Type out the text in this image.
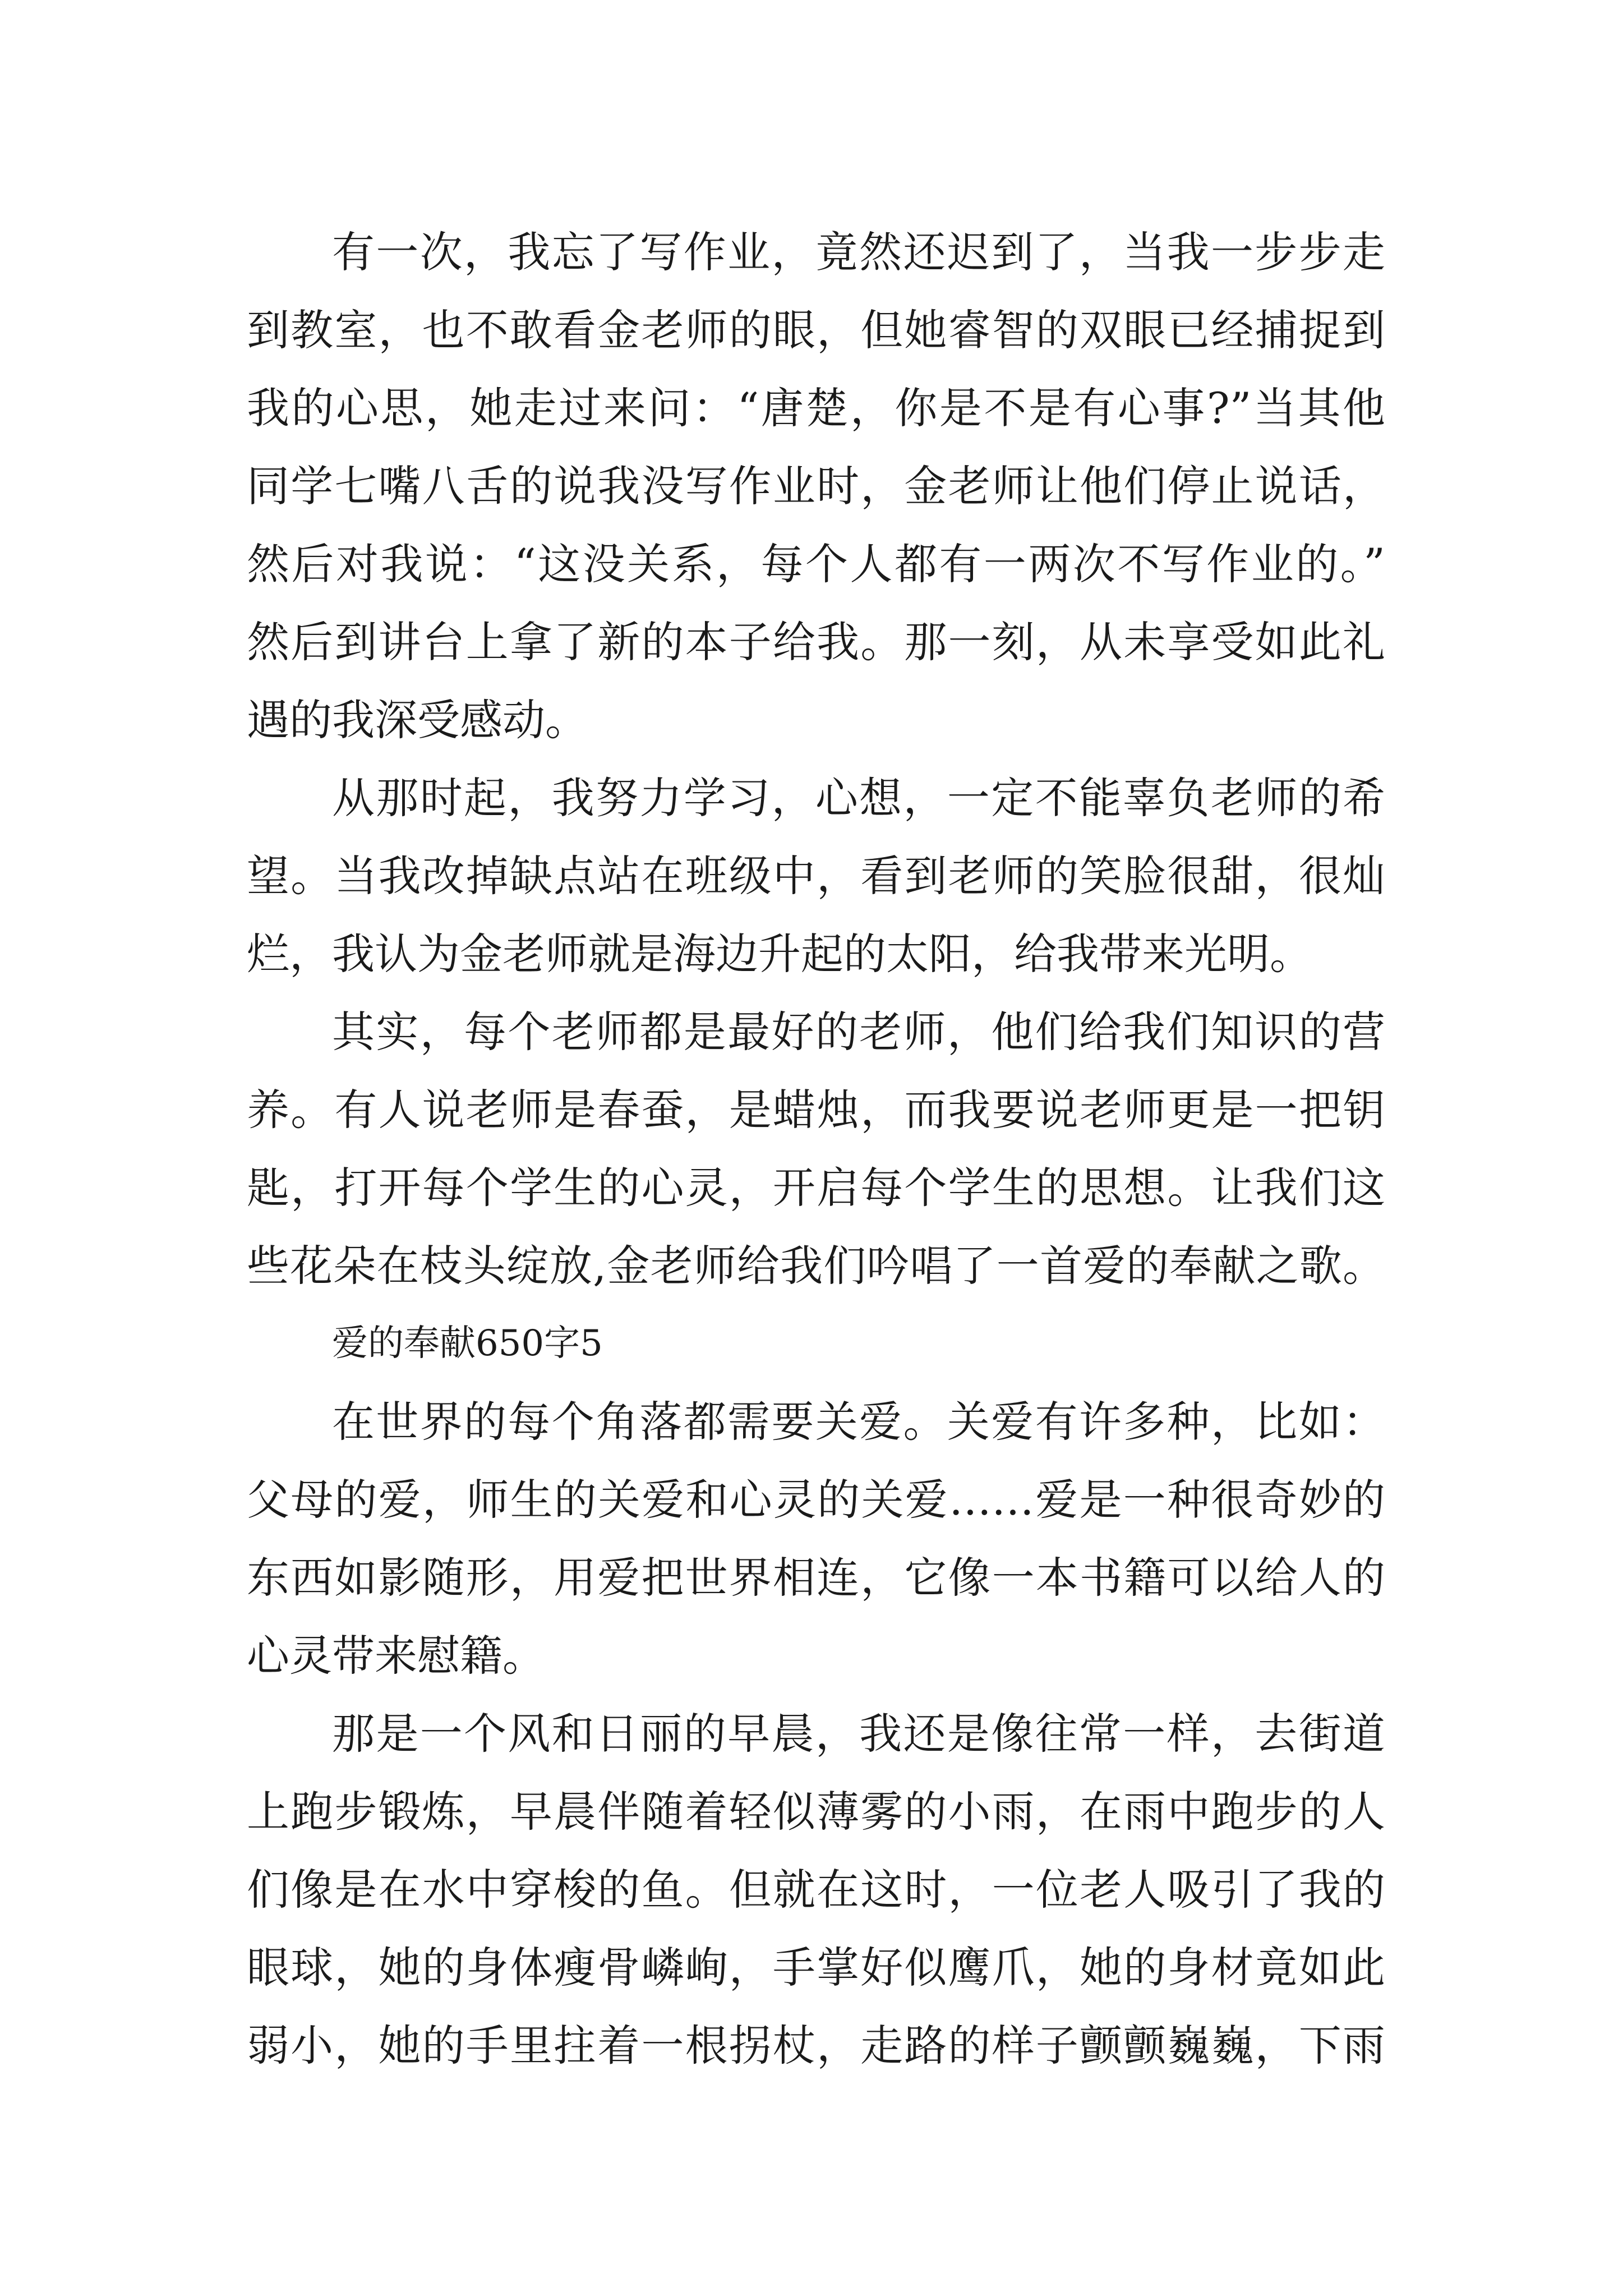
有一次，我忘了写作业，竟然还迟到了，当我一步步走
到教室，也不敢看金老师的眼，但她睿智的双眼已经捕捉到
我的心思，她走过来问：“唐楚，你是不是有心事?”当其他
同学七嘴八舌的说我没写作业时，金老师让他们停止说话，
然后对我说：“这没关系，每个人都有一两次不写作业的。”
然后到讲台上拿了新的本子给我。那一刻，从未享受如此礼
遇的我深受感动。
从那时起，我努力学习，心想，一定不能辜负老师的希
望。当我改掉缺点站在班级中，看到老师的笑脸很甜，很灿
烂，我认为金老师就是海边升起的太阳，给我带来光明。
其实，每个老师都是最好的老师，他们给我们知识的营
养。有人说老师是春蚕，是蜡烛，而我要说老师更是一把钥
匙，打开每个学生的心灵，开启每个学生的思想。让我们这
些花朵在枝头绽放,金老师给我们吟唱了一首爱的奉献之歌。
爱的奉献650字5
在世界的每个角落都需要关爱。关爱有许多种，比如：
父母的爱，师生的关爱和心灵的关爱……爱是一种很奇妙的
东西如影随形，用爱把世界相连，它像一本书籍可以给人的
心灵带来慰籍。
那是一个风和日丽的早晨，我还是像往常一样，去街道
上跑步锻炼，早晨伴随着轻似薄雾的小雨，在雨中跑步的人
们像是在水中穿梭的鱼。但就在这时，一位老人吸引了我的
眼球，她的身体瘦骨嶙峋，手掌好似鹰爪，她的身材竟如此
弱小，她的手里拄着一根拐杖，走路的样子颤颤巍巍，下雨
